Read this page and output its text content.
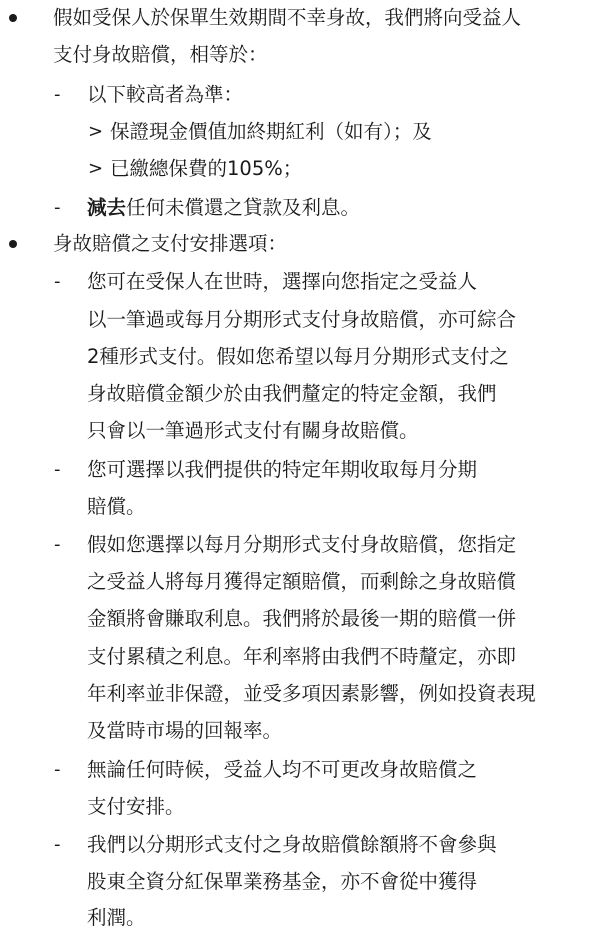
假如受保人於保單生效期間不幸身故，我們將向受益人
支付身故賠償，相等於：
- 以下較高者為準：
> 保證現金價值加終期紅利（如有）；及
> 已繳總保費的105%；
- 減去任何未償還之貸款及利息。
身故賠償之支付安排選項：
- 您可在受保人在世時，選擇向您指定之受益人
以一筆過或每月分期形式支付身故賠償，亦可綜合
2種形式支付。假如您希望以每月分期形式支付之
身故賠償金額少於由我們釐定的特定金額，我們
只會以一筆過形式支付有關身故賠償。
- 您可選擇以我們提供的特定年期收取每月分期
賠償。
- 假如您選擇以每月分期形式支付身故賠償，您指定
之受益人將每月獲得定額賠償，而剩餘之身故賠償
金額將會賺取利息。我們將於最後一期的賠償一併
支付累積之利息。年利率將由我們不時釐定，亦即
年利率並非保證，並受多項因素影響，例如投資表現
及當時市場的回報率。
- 無論任何時候，受益人均不可更改身故賠償之
支付安排。
- 我們以分期形式支付之身故賠償餘額將不會參與
股東全資分紅保單業務基金，亦不會從中獲得
利潤。
